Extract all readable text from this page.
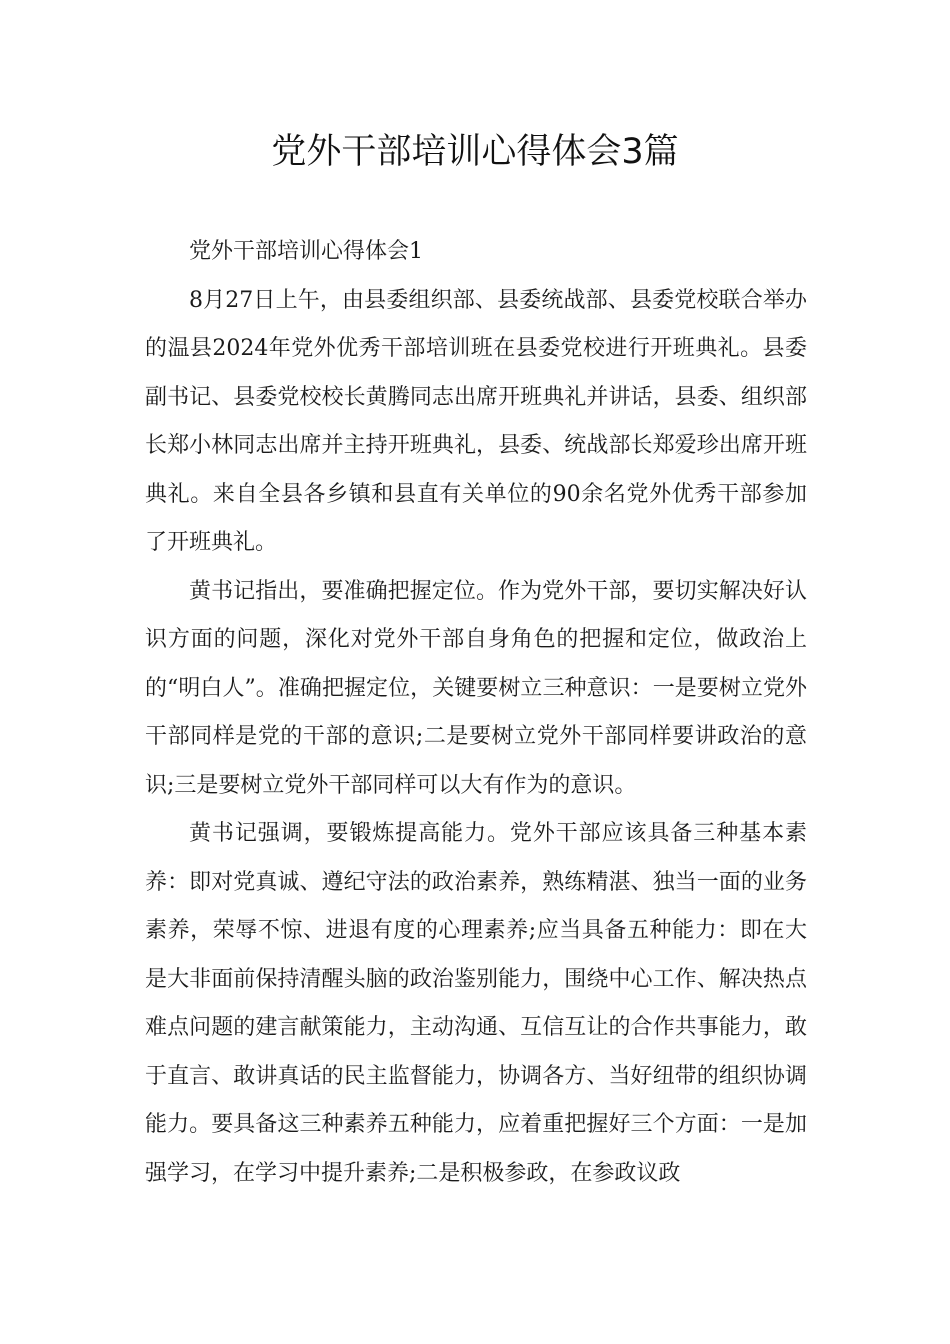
党外干部培训心得体会3篇

党外干部培训心得体会1

8月27日上午，由县委组织部、县委统战部、县委党校联合举办的温县2024年党外优秀干部培训班在县委党校进行开班典礼。县委副书记、县委党校校长黄腾同志出席开班典礼并讲话，县委、组织部长郑小林同志出席并主持开班典礼，县委、统战部长郑爱珍出席开班典礼。来自全县各乡镇和县直有关单位的90余名党外优秀干部参加了开班典礼。

黄书记指出，要准确把握定位。作为党外干部，要切实解决好认识方面的问题，深化对党外干部自身角色的把握和定位，做政治上的“明白人”。准确把握定位，关键要树立三种意识：一是要树立党外干部同样是党的干部的意识;二是要树立党外干部同样要讲政治的意识;三是要树立党外干部同样可以大有作为的意识。

黄书记强调，要锻炼提高能力。党外干部应该具备三种基本素养：即对党真诚、遵纪守法的政治素养，熟练精湛、独当一面的业务素养，荣辱不惊、进退有度的心理素养;应当具备五种能力：即在大是大非面前保持清醒头脑的政治鉴别能力，围绕中心工作、解决热点难点问题的建言献策能力，主动沟通、互信互让的合作共事能力，敢于直言、敢讲真话的民主监督能力，协调各方、当好纽带的组织协调能力。要具备这三种素养五种能力，应着重把握好三个方面：一是加强学习，在学习中提升素养;二是积极参政，在参政议政
